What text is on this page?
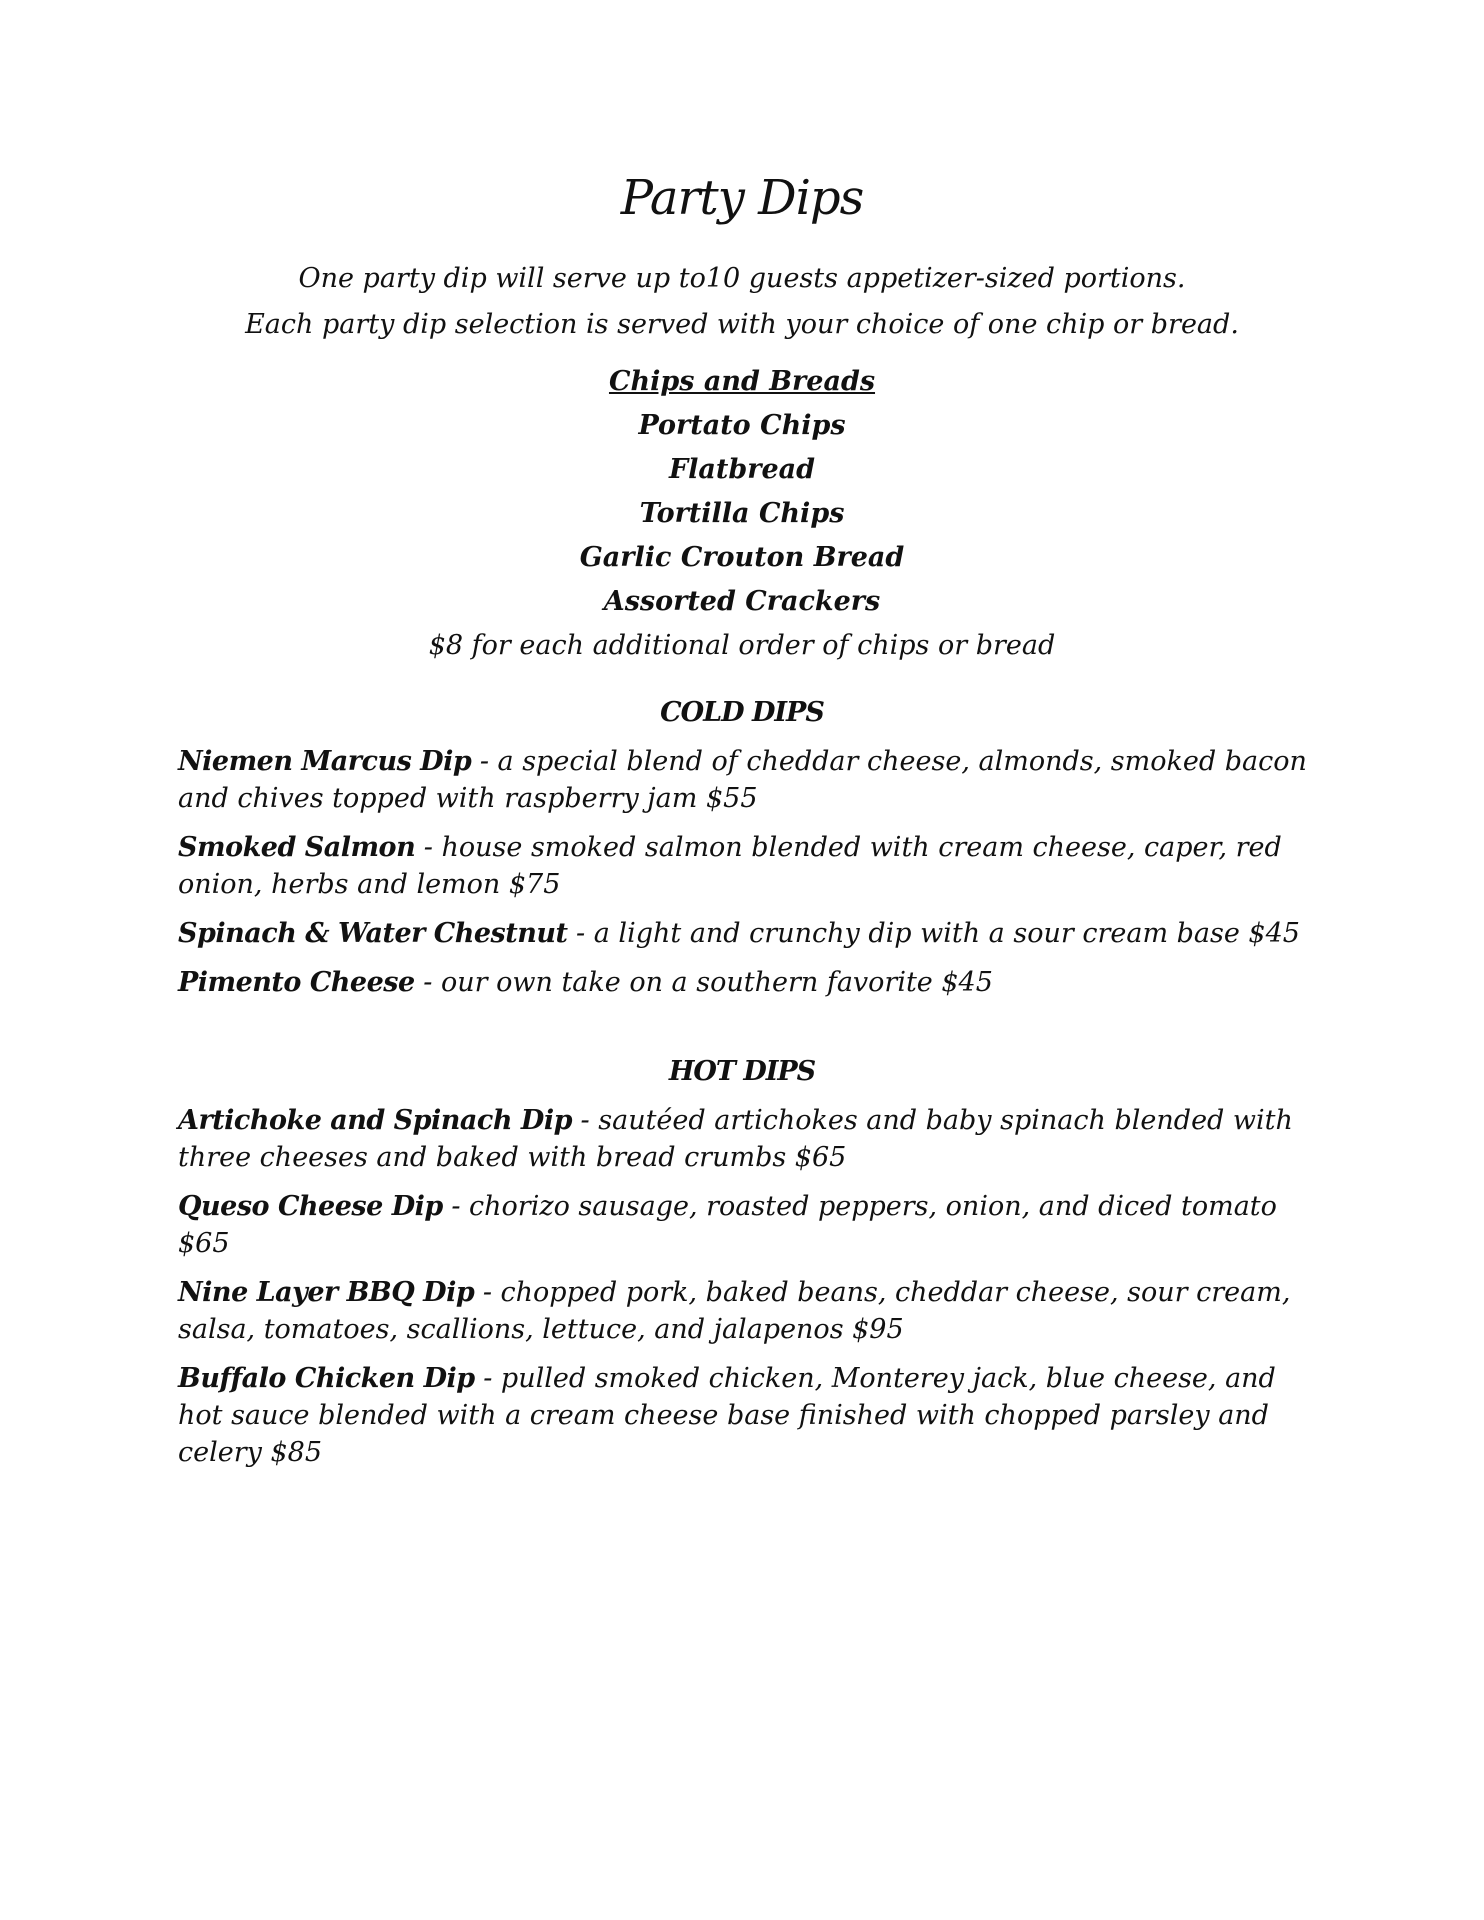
Party Dips
One party dip will serve up to10 guests appetizer-sized portions.
Each party dip selection is served with your choice of one chip or bread.
Chips and Breads
Portato Chips
Flatbread
Tortilla Chips
Garlic Crouton Bread
Assorted Crackers
$8 for each additional order of chips or bread
COLD DIPS
Niemen Marcus Dip - a special blend of cheddar cheese, almonds, smoked bacon and chives topped with raspberry jam $55
Smoked Salmon - house smoked salmon blended with cream cheese, caper, red onion, herbs and lemon $75
Spinach & Water Chestnut - a light and crunchy dip with a sour cream base $45
Pimento Cheese - our own take on a southern favorite $45
HOT DIPS
Artichoke and Spinach Dip - sautéed artichokes and baby spinach blended with three cheeses and baked with bread crumbs $65
Queso Cheese Dip - chorizo sausage, roasted peppers, onion, and diced tomato $65
Nine Layer BBQ Dip - chopped pork, baked beans, cheddar cheese, sour cream, salsa, tomatoes, scallions, lettuce, and jalapenos $95
Buffalo Chicken Dip - pulled smoked chicken, Monterey jack, blue cheese, and hot sauce blended with a cream cheese base finished with chopped parsley and celery $85
